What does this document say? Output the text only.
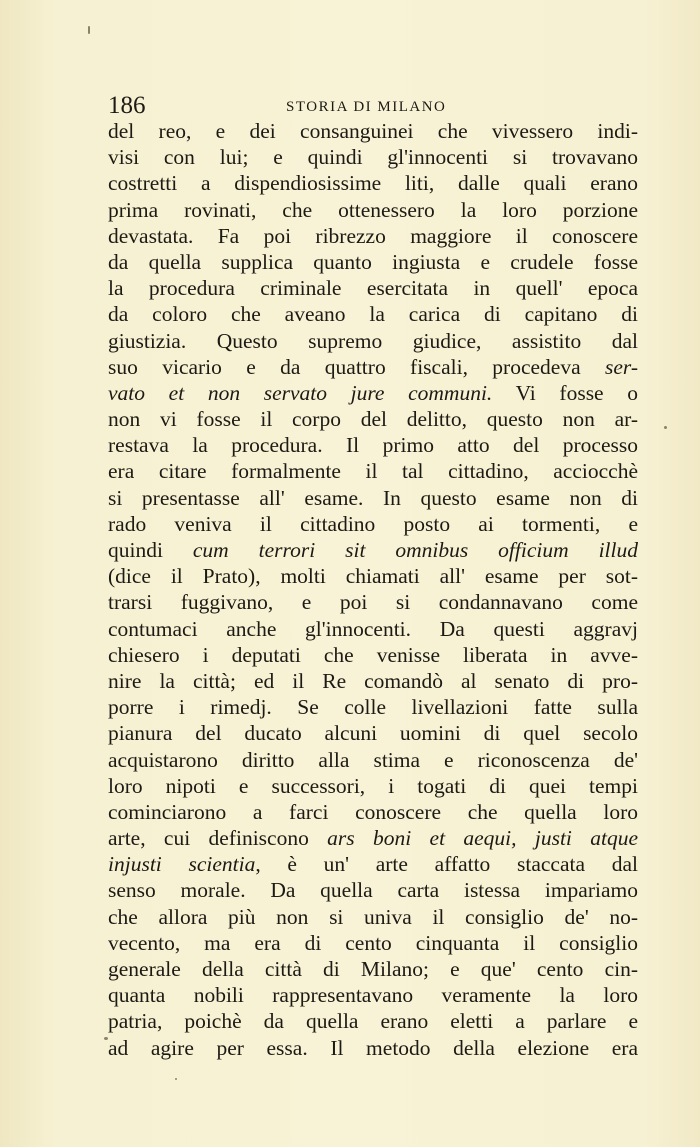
186	STORIA DI MILANO
del reo, e dei consanguinei che vivessero indi-
visi con lui; e quindi gl'innocenti si trovavano
costretti a dispendiosissime liti, dalle quali erano
prima rovinati, che ottenessero la loro porzione
devastata. Fa poi ribrezzo maggiore il conoscere
da quella supplica quanto ingiusta e crudele fosse
la procedura criminale esercitata in quell' epoca
da coloro che aveano la carica di capitano di
giustizia. Questo supremo giudice, assistito dal
suo vicario e da quattro fiscali, procedeva ser-
vato et non servato jure communi. Vi fosse o
non vi fosse il corpo del delitto, questo non ar-
restava la procedura. Il primo atto del processo
era citare formalmente il tal cittadino, acciocchè
si presentasse all' esame. In questo esame non di
rado veniva il cittadino posto ai tormenti, e
quindi cum terrori sit omnibus officium illud
(dice il Prato), molti chiamati all' esame per sot-
trarsi fuggivano, e poi si condannavano come
contumaci anche gl'innocenti. Da questi aggravj
chiesero i deputati che venisse liberata in avve-
nire la città; ed il Re comandò al senato di pro-
porre i rimedj. Se colle livellazioni fatte sulla
pianura del ducato alcuni uomini di quel secolo
acquistarono diritto alla stima e riconoscenza de'
loro nipoti e successori, i togati di quei tempi
cominciarono a farci conoscere che quella loro
arte, cui definiscono ars boni et aequi, justi atque
injusti scientia, è un' arte affatto staccata dal
senso morale. Da quella carta istessa impariamo
che allora più non si univa il consiglio de' no-
vecento, ma era di cento cinquanta il consiglio
generale della città di Milano; e que' cento cin-
quanta nobili rappresentavano veramente la loro
patria, poichè da quella erano eletti a parlare e
ad agire per essa. Il metodo della elezione era
